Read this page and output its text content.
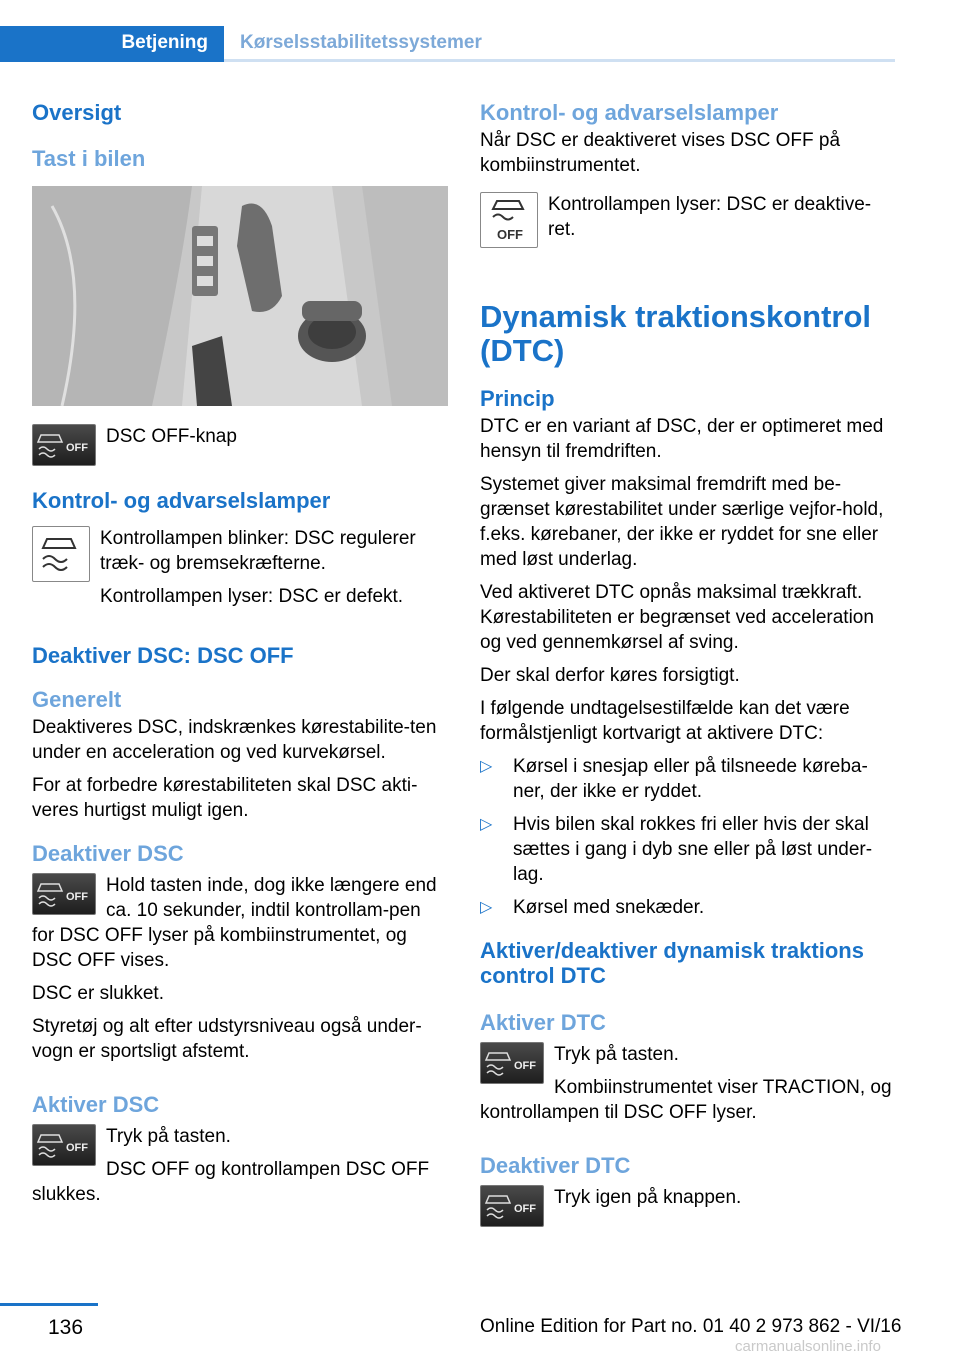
Betjening Kørselsstabilitetssystemer
Oversigt
Tast i bilen
OFF

DSC OFF-knap

Kontrol- og advarselslamper

Kontrollampen blinker: DSC regulerer træk- og bremsekræfterne.

Kontrollampen lyser: DSC er defekt.

Deaktiver DSC: DSC OFF
Generelt

Deaktiveres DSC, indskrænkes kørestabilite-ten under en acceleration og ved kurvekørsel.

For at forbedre kørestabiliteten skal DSC akti-veres hurtigst muligt igen.

Deaktiver DSC
OFF

Hold tasten inde, dog ikke længere end ca. 10 sekunder, indtil kontrollam-pen for DSC OFF lyser på kombiinstrumentet, og DSC OFF vises.

DSC er slukket.

Styretøj og alt efter udstyrsniveau også under-vogn er sportsligt afstemt.

Aktiver DSC
OFF

Tryk på tasten.

DSC OFF og kontrollampen DSC OFF slukkes.

Kontrol- og advarselslamper

Når DSC er deaktiveret vises DSC OFF på kombiinstrumentet.

OFF

Kontrollampen lyser: DSC er deaktive-ret.

Dynamisk traktionskontrol (DTC)
Princip

DTC er en variant af DSC, der er optimeret med hensyn til fremdriften.

Systemet giver maksimal fremdrift med be-grænset kørestabilitet under særlige vejfor-hold, f.eks. kørebaner, der ikke er ryddet for sne eller med løst underlag.

Ved aktiveret DTC opnås maksimal trækkraft. Kørestabiliteten er begrænset ved acceleration og ved gennemkørsel af sving.

Der skal derfor køres forsigtigt.

I følgende undtagelsestilfælde kan det være formålstjenligt kortvarigt at aktivere DTC:

▷ Kørsel i snesjap eller på tilsneede køreba-ner, der ikke er ryddet.
▷ Hvis bilen skal rokkes fri eller hvis der skal sættes i gang i dyb sne eller på løst under-lag.
▷ Kørsel med snekæder.
Aktiver/deaktiver dynamisk traktions control DTC
Aktiver DTC
OFF

Tryk på tasten.

Kombiinstrumentet viser TRACTION, og kontrollampen til DSC OFF lyser.

Deaktiver DTC
OFF

Tryk igen på knappen.

136	Online Edition for Part no. 01 40 2 973 862 - VI/16
carmanualsonline.info
